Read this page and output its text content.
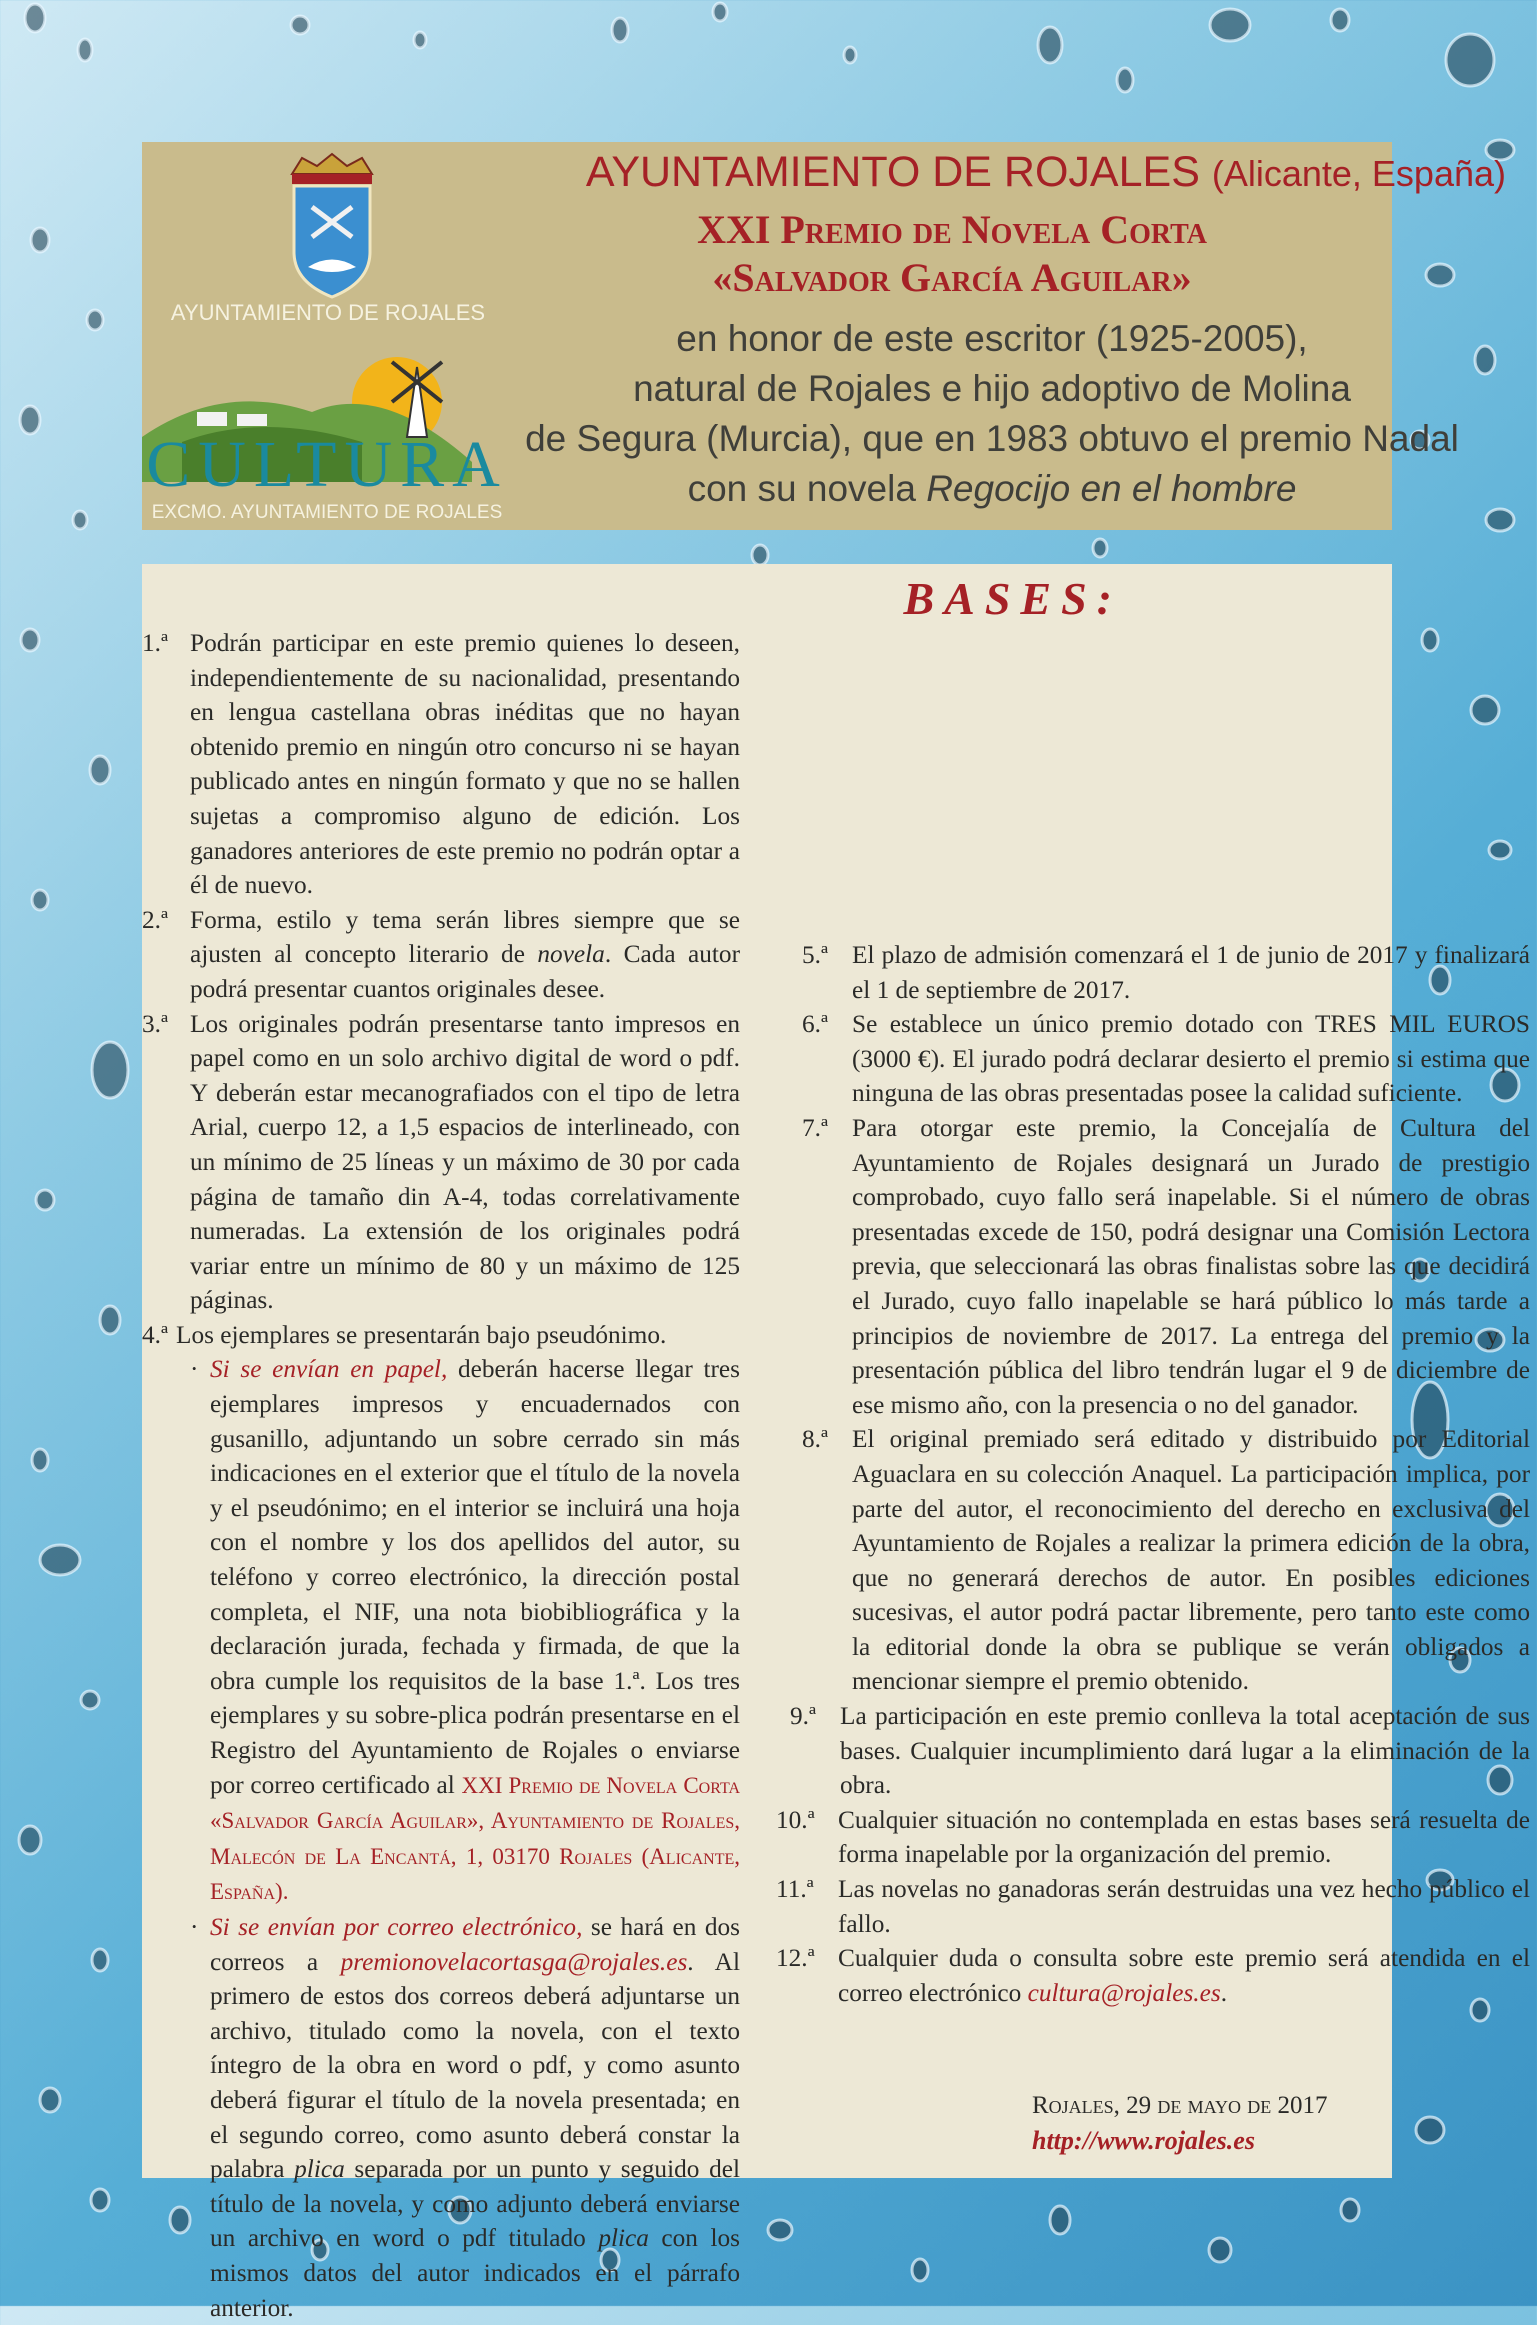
AYUNTAMIENTO DE ROJALES
CULTURA
EXCMO. AYUNTAMIENTO DE ROJALES
AYUNTAMIENTO DE ROJALES (Alicante, España)
XXI Premio de Novela Corta
«Salvador García Aguilar»
en honor de este escritor (1925-2005),
natural de Rojales e hijo adoptivo de Molina
de Segura (Murcia), que en 1983 obtuvo el premio Nadal
con su novela Regocijo en el hombre
BASES:
1.ª Podrán participar en este premio quienes lo deseen, independientemente de su nacionalidad, presentando en lengua castellana obras inéditas que no hayan obtenido premio en ningún otro concurso ni se hayan publicado antes en ningún formato y que no se hallen sujetas a compromiso alguno de edición. Los ganadores anteriores de este premio no podrán optar a él de nuevo.
2.ª Forma, estilo y tema serán libres siempre que se ajusten al concepto literario de novela. Cada autor podrá presentar cuantos originales desee.
3.ª Los originales podrán presentarse tanto impresos en papel como en un solo archivo digital de word o pdf. Y deberán estar mecanografiados con el tipo de letra Arial, cuerpo 12, a 1,5 espacios de interlineado, con un mínimo de 25 líneas y un máximo de 30 por cada página de tamaño din A-4, todas correlativamente numeradas. La extensión de los originales podrá variar entre un mínimo de 80 y un máximo de 125 páginas.
4.ª Los ejemplares se presentarán bajo pseudónimo.
· Si se envían en papel, deberán hacerse llegar tres ejemplares impresos y encuadernados con gusanillo, adjuntando un sobre cerrado sin más indicaciones en el exterior que el título de la novela y el pseudónimo; en el interior se incluirá una hoja con el nombre y los dos apellidos del autor, su teléfono y correo electrónico, la dirección postal completa, el NIF, una nota biobibliográfica y la declaración jurada, fechada y firmada, de que la obra cumple los requisitos de la base 1.ª. Los tres ejemplares y su sobre-plica podrán presentarse en el Registro del Ayuntamiento de Rojales o enviarse por correo certificado al XXI Premio de Novela Corta «Salvador García Aguilar», Ayuntamiento de Rojales, Malecón de La Encantá, 1, 03170 Rojales (Alicante, España).
· Si se envían por correo electrónico, se hará en dos correos a premionovelacortasga@rojales.es. Al primero de estos dos correos deberá adjuntarse un archivo, titulado como la novela, con el texto íntegro de la obra en word o pdf, y como asunto deberá figurar el título de la novela presentada; en el segundo correo, como asunto deberá constar la palabra plica separada por un punto y seguido del título de la novela, y como adjunto deberá enviarse un archivo en word o pdf titulado plica con los mismos datos del autor indicados en el párrafo anterior.
5.ª El plazo de admisión comenzará el 1 de junio de 2017 y finalizará el 1 de septiembre de 2017.
6.ª Se establece un único premio dotado con TRES MIL EUROS (3000 €). El jurado podrá declarar desierto el premio si estima que ninguna de las obras presentadas posee la calidad suficiente.
7.ª Para otorgar este premio, la Concejalía de Cultura del Ayuntamiento de Rojales designará un Jurado de prestigio comprobado, cuyo fallo será inapelable. Si el número de obras presentadas excede de 150, podrá designar una Comisión Lectora previa, que seleccionará las obras finalistas sobre las que decidirá el Jurado, cuyo fallo inapelable se hará público lo más tarde a principios de noviembre de 2017. La entrega del premio y la presentación pública del libro tendrán lugar el 9 de diciembre de ese mismo año, con la presencia o no del ganador.
8.ª El original premiado será editado y distribuido por Editorial Aguaclara en su colección Anaquel. La participación implica, por parte del autor, el reconocimiento del derecho en exclusiva del Ayuntamiento de Rojales a realizar la primera edición de la obra, que no generará derechos de autor. En posibles ediciones sucesivas, el autor podrá pactar libremente, pero tanto este como la editorial donde la obra se publique se verán obligados a mencionar siempre el premio obtenido.
9.ª La participación en este premio conlleva la total aceptación de sus bases. Cualquier incumplimiento dará lugar a la eliminación de la obra.
10.ª Cualquier situación no contemplada en estas bases será resuelta de forma inapelable por la organización del premio.
11.ª Las novelas no ganadoras serán destruidas una vez hecho público el fallo.
12.ª Cualquier duda o consulta sobre este premio será atendida en el correo electrónico cultura@rojales.es.
Rojales, 29 de mayo de 2017
http://www.rojales.es
